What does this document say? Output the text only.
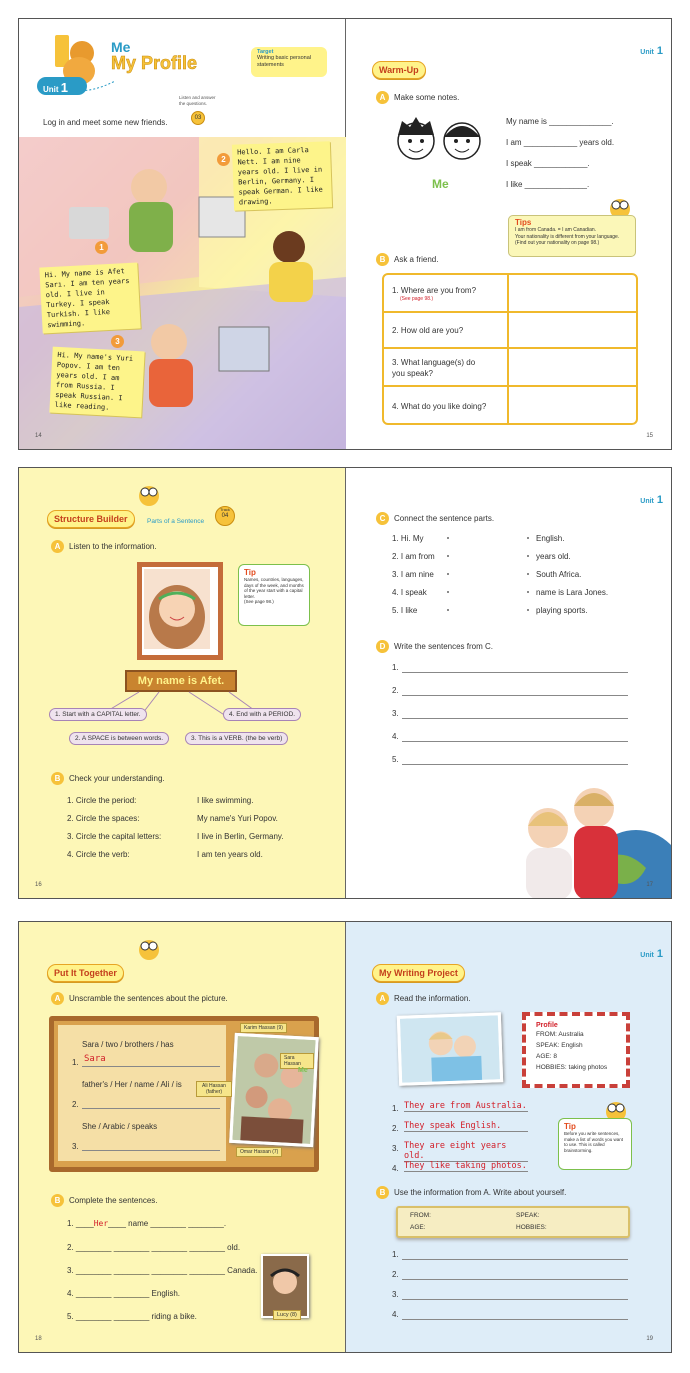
Unit 1
Me
My Profile
Target
Writing basic personal statements
Log in and meet some new friends.
Listen and answer the questions.
03
1
2
3
Hi. My name is Afet Sarı. I am ten years old. I live in Turkey. I speak Turkish. I like swimming.
Hello. I am Carla Nett. I am nine years old. I live in Berlin, Germany. I speak German. I like drawing.
Hi. My name's Yuri Popov. I am ten years old. I am from Russia. I speak Russian. I like reading.
14
Unit 1
Warm-Up
A	Make some notes.
Me
My name is ______________.
I am ____________ years old.
I speak ____________.
I like ______________.
Tips
I am from Canada. = I am Canadian.
Your nationality is different from your language. (Find out your nationality on page 98.)
B	Ask a friend.
1. Where are you from?
(See page 98.)
2. How old are you?
3. What language(s) do you speak?
4. What do you like doing?
15
Structure Builder	Parts of a Sentence
Track
04
A	Listen to the information.
Tip
Names, countries, languages, days of the week, and months of the year start with a capital letter.
(See page 98.)
My name is Afet.
1. Start with a CAPITAL letter.
2. A SPACE is between words.	3. This is a VERB. (the be verb)
4. End with a PERIOD.
B	Check your understanding.
1. Circle the period:	I like swimming.
2. Circle the spaces:	My name's Yuri Popov.
3. Circle the capital letters:	I live in Berlin, Germany.
4. Circle the verb:	I am ten years old.
16
Unit 1
C	Connect the sentence parts.
1. Hi. My
2. I am from
3. I am nine
4. I speak
5. I like
English.
years old.
South Africa.
name is Lara Jones.
playing sports.
D	Write the sentences from C.
1.
2.
3.
4.
5.
17
Put It Together
A	Unscramble the sentences about the picture.
Sara / two / brothers / has
1. Sara
father's / Her / name / Ali / is
2.
She / Arabic / speaks
3.
Karim Hassan (9)
Sara Hassan
Ali Hassan (father)
Omar Hassan (7)
Me
B	Complete the sentences.
1. ____Her____ name ________ ________.
2. ________ ________ ________ ________ old.
3. ________ ________ ________ ________ Canada.
4. ________ ________ English.
5. ________ ________ riding a bike.	Lucy (8)
18
Unit 1
My Writing Project
A	Read the information.
Profile
FROM: Australia
SPEAK: English
AGE: 8
HOBBIES: taking photos
1. They are from Australia.
2. They speak English.
3. They are eight years old.
4. They like taking photos.
Tip
Before you write sentences, make a list of words you want to use. This is called brainstorming.
B	Use the information from A. Write about yourself.
FROM:	SPEAK:
AGE:	HOBBIES:
1.
2.
3.
4.
19
